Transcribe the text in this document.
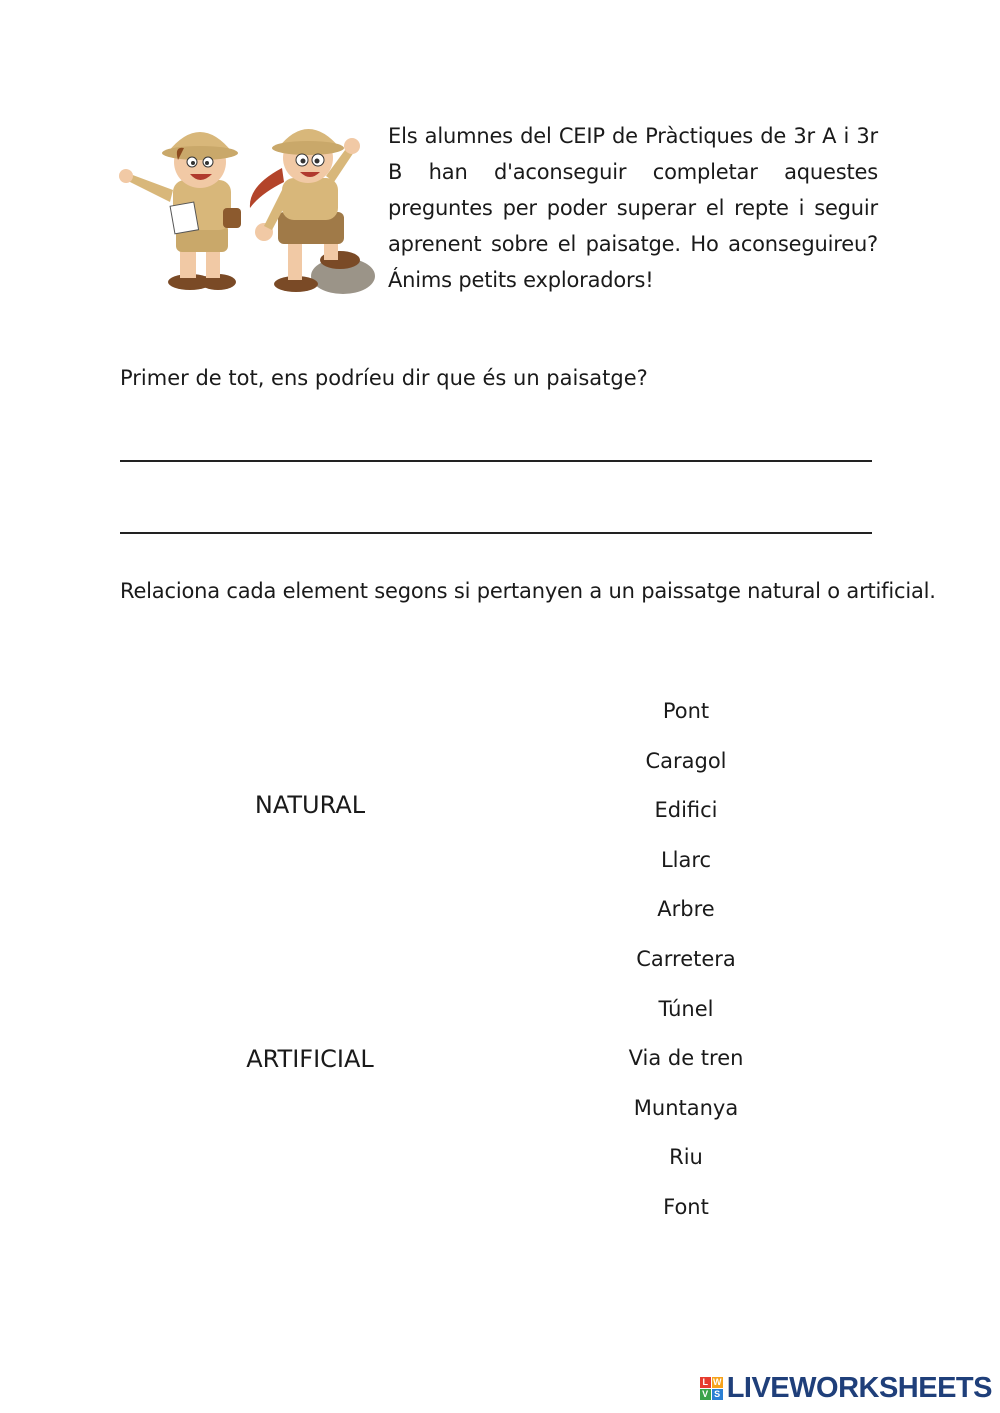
Els alumnes del CEIP de Pràctiques de 3r A i 3r B han d'aconseguir completar aquestes preguntes per poder superar el repte i seguir aprenent sobre el paisatge. Ho aconseguireu? Ánims petits exploradors!

Primer de tot, ens podríeu dir que és un paisatge?
Relaciona cada element segons si pertanyen a un paissatge natural o artificial.
NATURAL
ARTIFICIAL
Pont
Caragol
Edifici
Llarc
Arbre
Carretera
Túnel
Via de tren
Muntanya
Riu
Font
L W
V S LIVEWORKSHEETS
